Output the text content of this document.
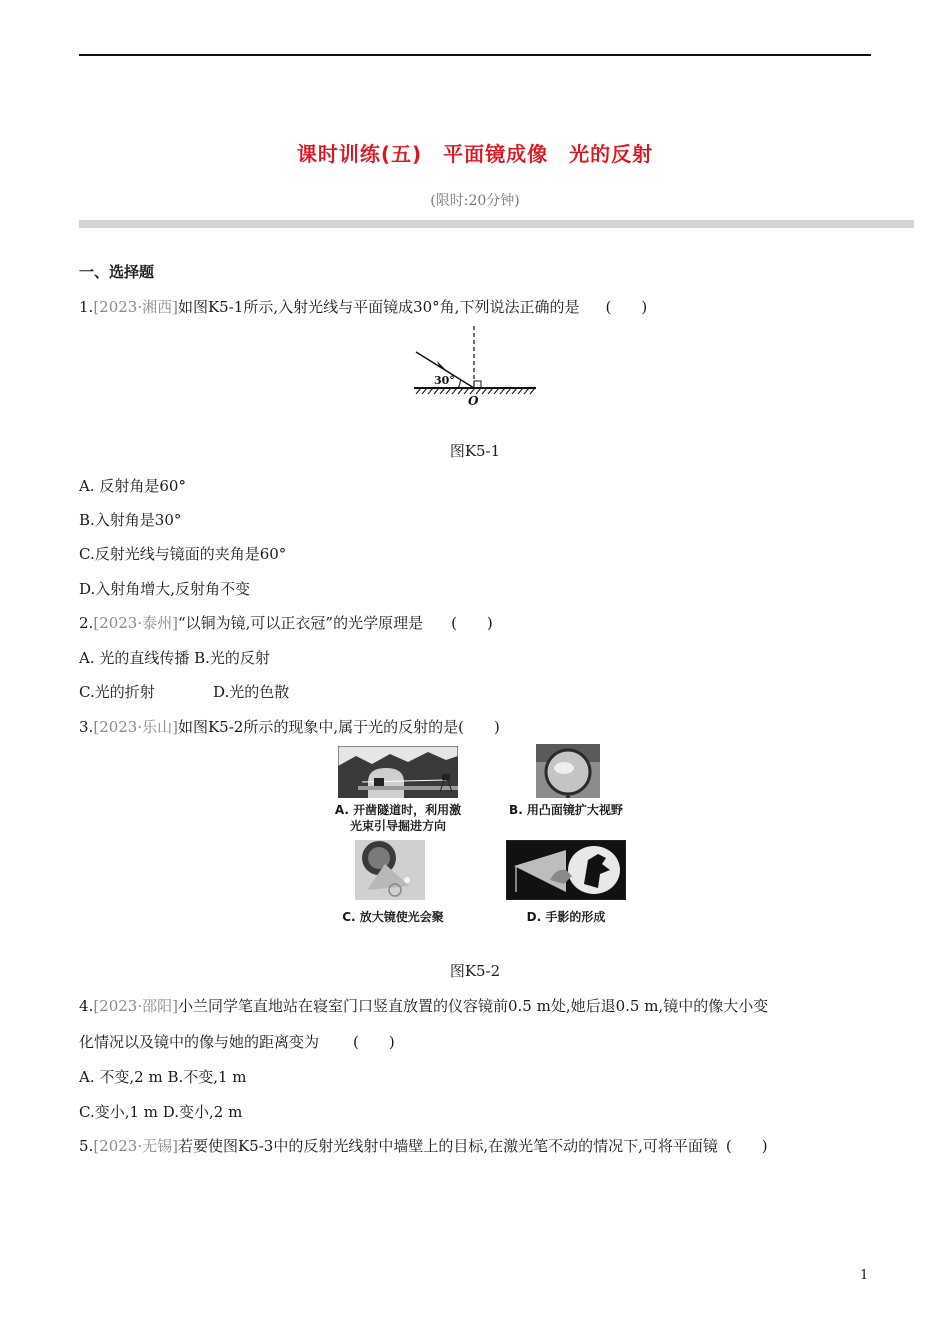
课时训练(五)　平面镜成像　光的反射
(限时:20分钟)
一、选择题
1.[2023·湘西]如图K5-1所示,入射光线与平面镜成30°角,下列说法正确的是 (　　)
30°
O
图K5-1
A. 反射角是60°
B.入射角是30°
C.反射光线与镜面的夹角是60°
D.入射角增大,反射角不变
2.[2023·泰州]“以铜为镜,可以正衣冠”的光学原理是 (　　)
A. 光的直线传播 B.光的反射
C.光的折射	D.光的色散
3.[2023·乐山]如图K5-2所示的现象中,属于光的反射的是(　　)
A. 开凿隧道时，利用激
光束引导掘进方向
B. 用凸面镜扩大视野
C. 放大镜使光会聚	D. 手影的形成
图K5-2
4.[2023·邵阳]小兰同学笔直地站在寝室门口竖直放置的仪容镜前0.5 m处,她后退0.5 m,镜中的像大小变
化情况以及镜中的像与她的距离变为 (　　)
A. 不变,2 m B.不变,1 m
C.变小,1 m D.变小,2 m
5.[2023·无锡]若要使图K5-3中的反射光线射中墙壁上的目标,在激光笔不动的情况下,可将平面镜 (　　)
1
